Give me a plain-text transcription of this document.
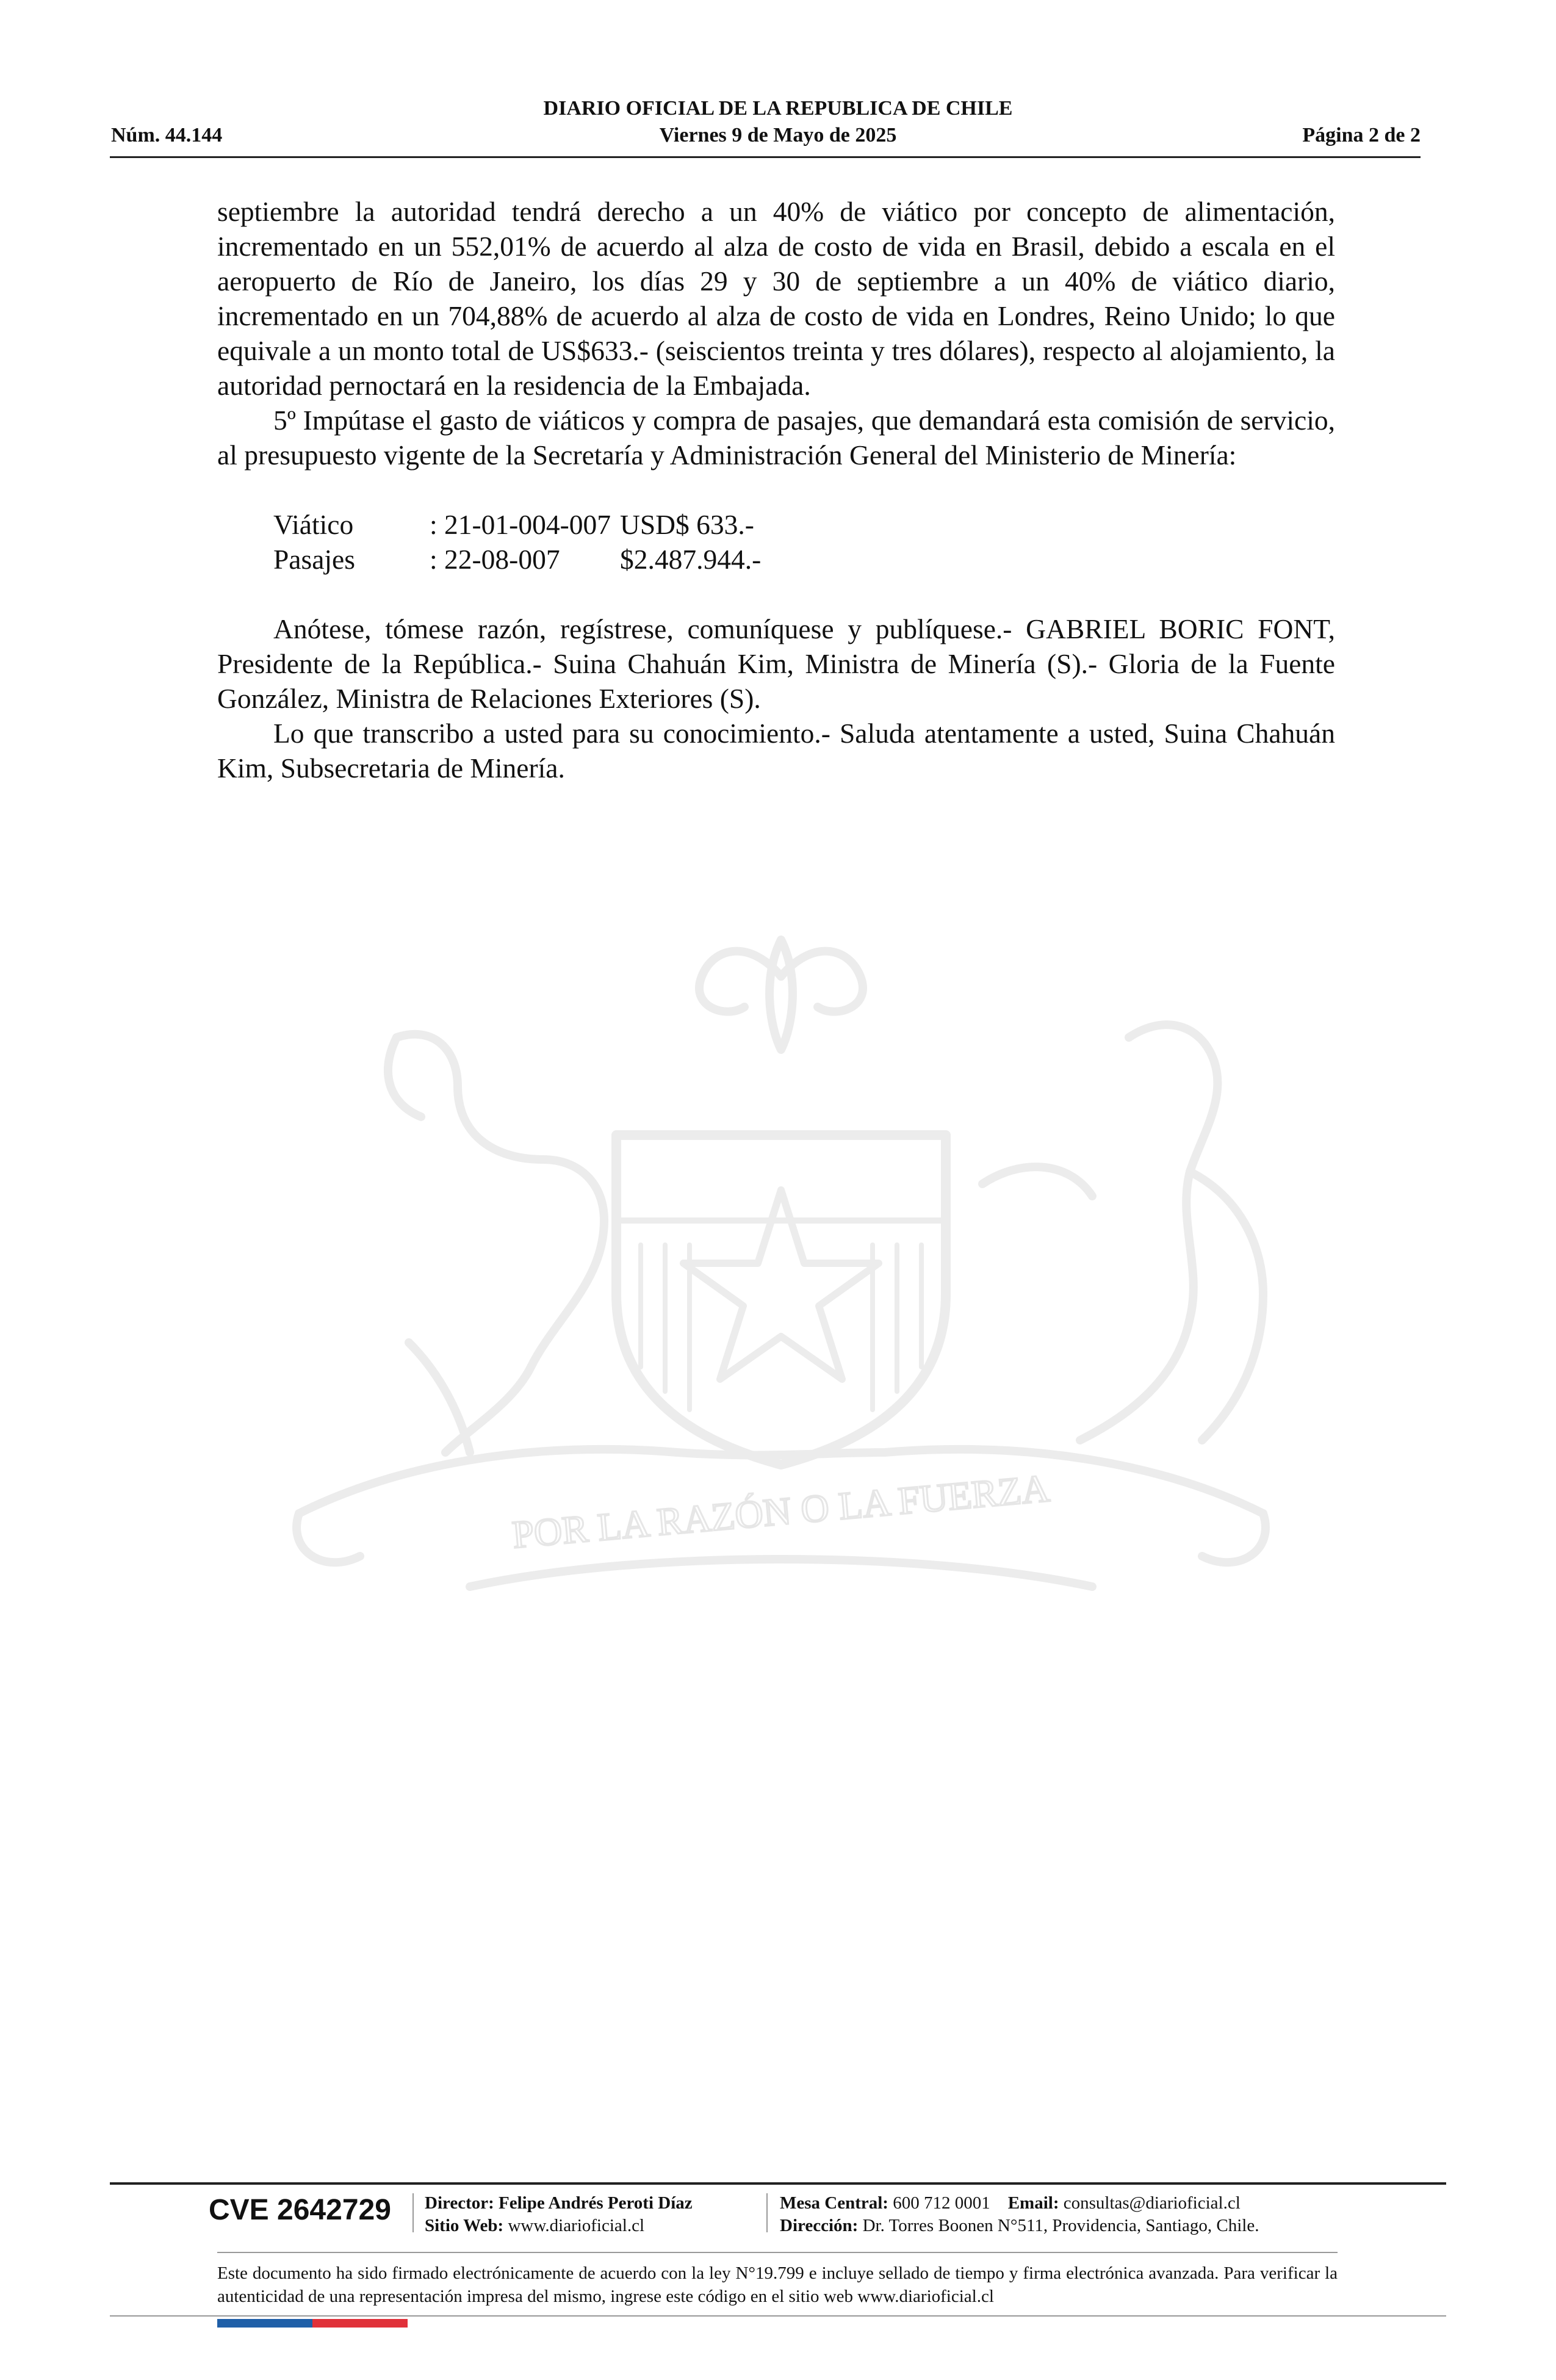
DIARIO OFICIAL DE LA REPUBLICA DE CHILE
Núm. 44.144	Viernes 9 de Mayo de 2025	Página 2 de 2
POR LA RAZÓN O LA FUERZA

septiembre la autoridad tendrá derecho a un 40% de viático por concepto de alimentación, incrementado en un 552,01% de acuerdo al alza de costo de vida en Brasil, debido a escala en el aeropuerto de Río de Janeiro, los días 29 y 30 de septiembre a un 40% de viático diario, incrementado en un 704,88% de acuerdo al alza de costo de vida en Londres, Reino Unido; lo que equivale a un monto total de US$633.- (seiscientos treinta y tres dólares), respecto al alojamiento, la autoridad pernoctará en la residencia de la Embajada.

5º Impútase el gasto de viáticos y compra de pasajes, que demandará esta comisión de servicio, al presupuesto vigente de la Secretaría y Administración General del Ministerio de Minería:

Viático	: 21-01-004-007 USD$ 633.-
Pasajes	: 22-08-007	$2.487.944.-

Anótese, tómese razón, regístrese, comuníquese y publíquese.- GABRIEL BORIC FONT, Presidente de la República.- Suina Chahuán Kim, Ministra de Minería (S).- Gloria de la Fuente González, Ministra de Relaciones Exteriores (S).

Lo que transcribo a usted para su conocimiento.- Saluda atentamente a usted, Suina Chahuán Kim, Subsecretaria de Minería.

CVE 2642729 Director: Felipe Andrés Peroti Díaz
Sitio Web: www.diarioficial.cl
Mesa Central: 600 712 0001 Email: consultas@diarioficial.cl
Dirección: Dr. Torres Boonen N°511, Providencia, Santiago, Chile.
Este documento ha sido firmado electrónicamente de acuerdo con la ley N°19.799 e incluye sellado de tiempo y firma electrónica avanzada. Para verificar la autenticidad de una representación impresa del mismo, ingrese este código en el sitio web www.diarioficial.cl
